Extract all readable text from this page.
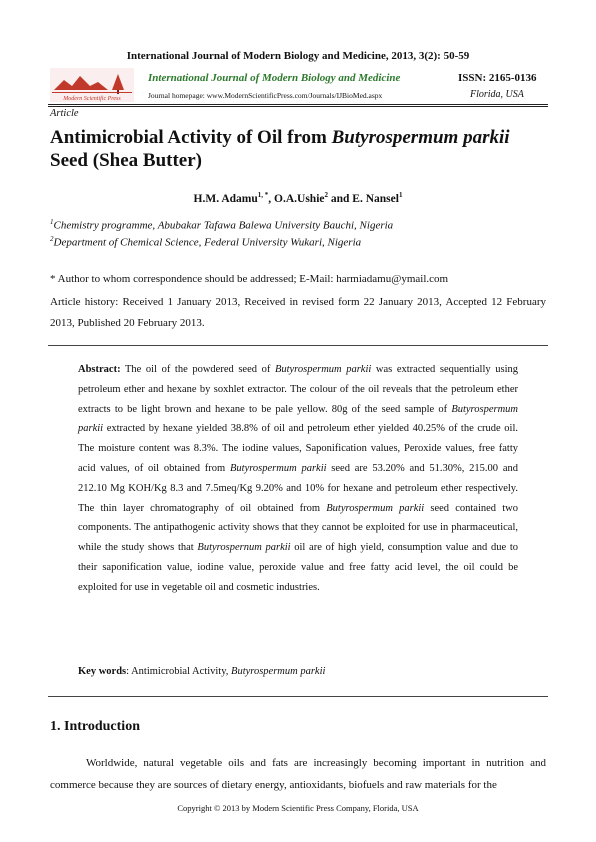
International Journal of Modern Biology and Medicine, 2013, 3(2): 50-59
Modern Scientific Press
International Journal of Modern Biology and Medicine	ISSN: 2165-0136
Journal homepage: www.ModernScientificPress.com/Journals/IJBioMed.aspx	Florida, USA
Article
Antimicrobial Activity of Oil from Butyrospermum parkii Seed (Shea Butter)
H.M. Adamu$^{1, *}$, O.A.Ushie$^2$ and E. Nansel$^1$
$^1$Chemistry programme, Abubakar Tafawa Balewa University Bauchi, Nigeria
$^2$Department of Chemical Science, Federal University Wukari, Nigeria
* Author to whom correspondence should be addressed; E-Mail: harmiadamu@ymail.com
Article history: Received 1 January 2013, Received in revised form 22 January 2013, Accepted 12 February 2013, Published 20 February 2013.
Abstract: The oil of the powdered seed of Butyrospermum parkii was extracted sequentially using petroleum ether and hexane by soxhlet extractor. The colour of the oil reveals that the petroleum ether extracts to be light brown and hexane to be pale yellow. 80g of the seed sample of Butyrospermum parkii extracted by hexane yielded 38.8% of oil and petroleum ether yielded 40.25% of the crude oil. The moisture content was 8.3%. The iodine values, Saponification values, Peroxide values, free fatty acid values, of oil obtained from Butyrospermum parkii seed are 53.20% and 51.30%, 215.00 and 212.10 Mg KOH/Kg 8.3 and 7.5meq/Kg 9.20% and 10% for hexane and petroleum ether respectively. The thin layer chromatography of oil obtained from Butyrospermum parkii seed contained two components. The antipathogenic activity shows that they cannot be exploited for use in pharmaceutical, while the study shows that Butyrospernum parkii oil are of high yield, consumption value and due to their saponification value, iodine value, peroxide value and free fatty acid level, the oil could be exploited for use in vegetable oil and cosmetic industries.
Key words: Antimicrobial Activity, Butyrospermum parkii
1. Introduction
Worldwide, natural vegetable oils and fats are increasingly becoming important in nutrition and commerce because they are sources of dietary energy, antioxidants, biofuels and raw materials for the
Copyright © 2013 by Modern Scientific Press Company, Florida, USA
